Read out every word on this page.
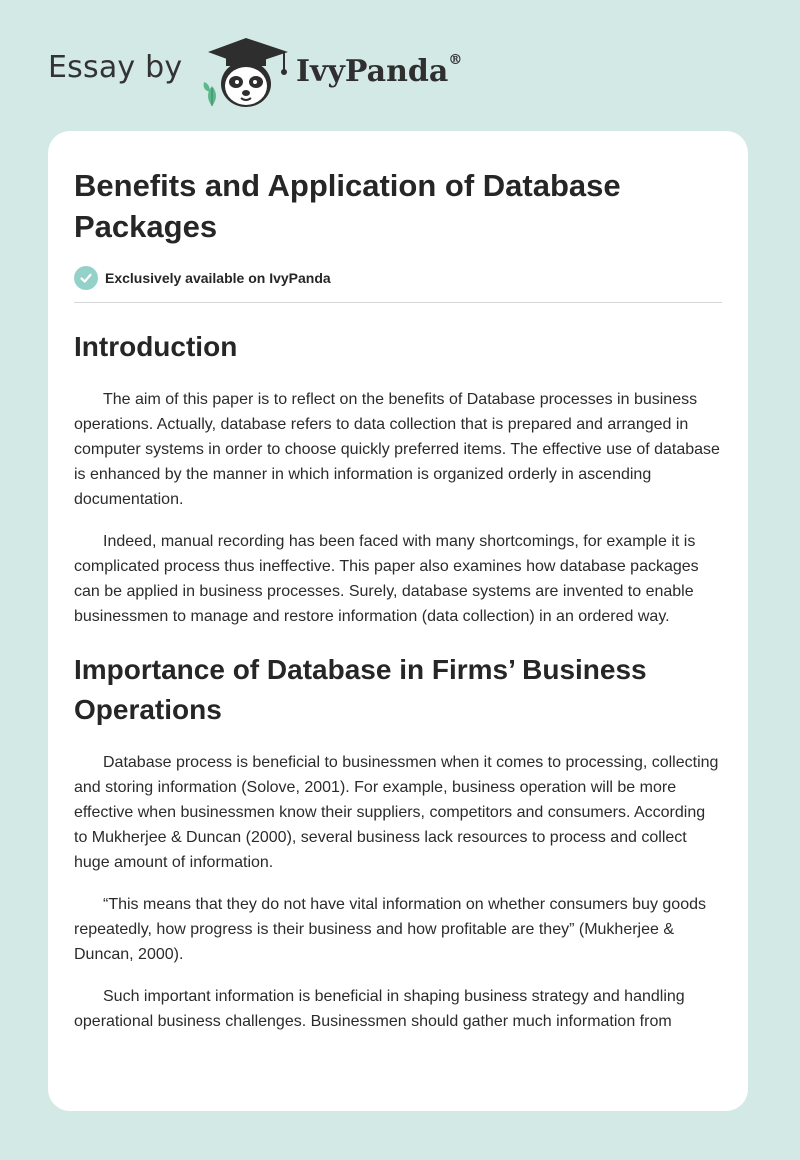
Essay by	IvyPanda®
Benefits and Application of Database Packages
Exclusively available on IvyPanda
Introduction

The aim of this paper is to reflect on the benefits of Database processes in business operations. Actually, database refers to data collection that is prepared and arranged in computer systems in order to choose quickly preferred items. The effective use of database is enhanced by the manner in which information is organized orderly in ascending documentation.

Indeed, manual recording has been faced with many shortcomings, for example it is complicated process thus ineffective. This paper also examines how database packages can be applied in business processes. Surely, database systems are invented to enable businessmen to manage and restore information (data collection) in an ordered way.

Importance of Database in Firms’ Business Operations

Database process is beneficial to businessmen when it comes to processing, collecting and storing information (Solove, 2001). For example, business operation will be more effective when businessmen know their suppliers, competitors and consumers. According to Mukherjee & Duncan (2000), several business lack resources to process and collect huge amount of information.

“This means that they do not have vital information on whether consumers buy goods repeatedly, how progress is their business and how profitable are they” (Mukherjee & Duncan, 2000).

Such important information is beneficial in shaping business strategy and handling operational business challenges. Businessmen should gather much information from
